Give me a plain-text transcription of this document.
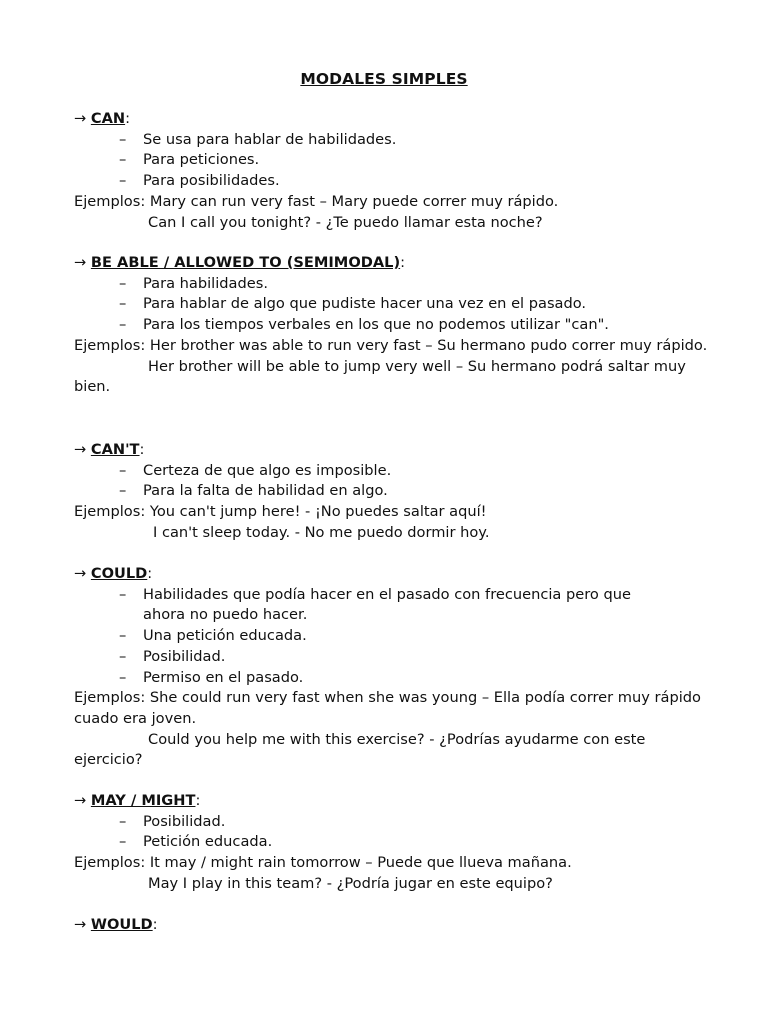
MODALES SIMPLES
→ CAN:
– Se usa para hablar de habilidades.
– Para peticiones.
– Para posibilidades.
Ejemplos: Mary can run very fast – Mary puede correr muy rápido.
Can I call you tonight? - ¿Te puedo llamar esta noche?
→ BE ABLE / ALLOWED TO (SEMIMODAL):
– Para habilidades.
– Para hablar de algo que pudiste hacer una vez en el pasado.
– Para los tiempos verbales en los que no podemos utilizar "can".
Ejemplos: Her brother was able to run very fast – Su hermano pudo correr muy rápido.
Her brother will be able to jump very well – Su hermano podrá saltar muy bien.
→ CAN'T:
– Certeza de que algo es imposible.
– Para la falta de habilidad en algo.
Ejemplos: You can't jump here! - ¡No puedes saltar aquí!
I can't sleep today. - No me puedo dormir hoy.
→ COULD:
– Habilidades que podía hacer en el pasado con frecuencia pero que ahora no puedo hacer.
– Una petición educada.
– Posibilidad.
– Permiso en el pasado.
Ejemplos: She could run very fast when she was young – Ella podía correr muy rápido cuado era joven.
Could you help me with this exercise? - ¿Podrías ayudarme con este ejercicio?
→ MAY / MIGHT:
– Posibilidad.
– Petición educada.
Ejemplos: It may / might rain tomorrow – Puede que llueva mañana.
May I play in this team? - ¿Podría jugar en este equipo?
→ WOULD:
